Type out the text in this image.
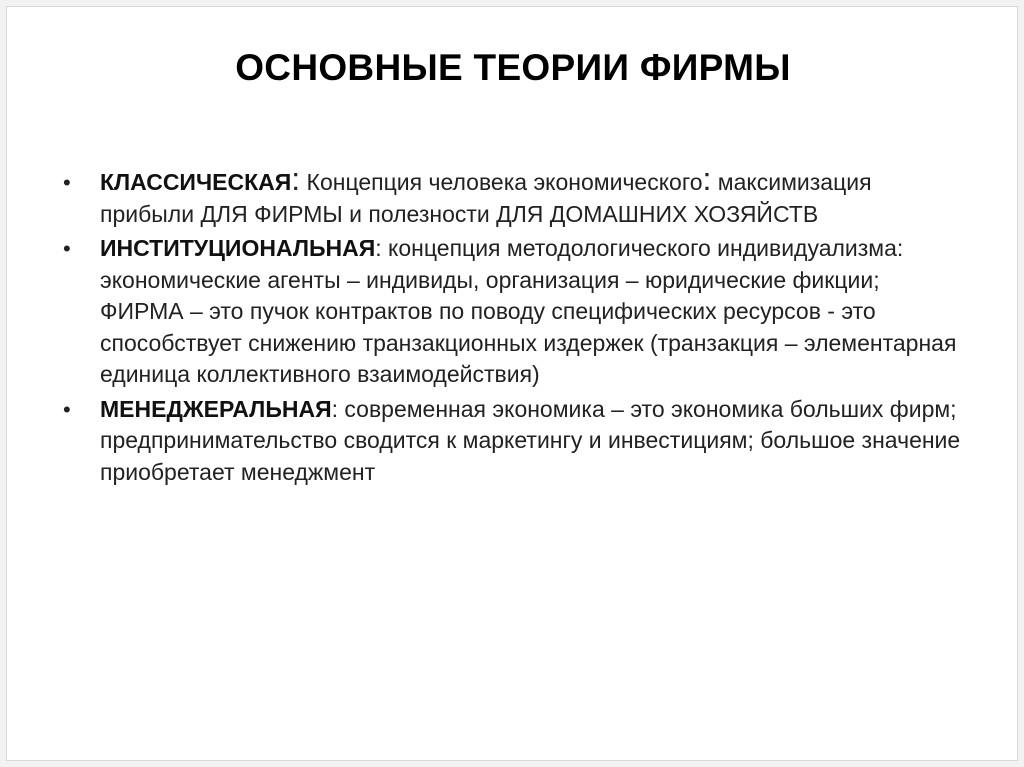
ОСНОВНЫЕ ТЕОРИИ ФИРМЫ
• КЛАССИЧЕСКАЯ: Концепция человека экономического: максимизация прибыли ДЛЯ ФИРМЫ и полезности ДЛЯ ДОМАШНИХ ХОЗЯЙСТВ
• ИНСТИТУЦИОНАЛЬНАЯ: концепция методологического индивидуализма: экономические агенты – индивиды, организация – юридические фикции; ФИРМА – это пучок контрактов по поводу специфических ресурсов - это способствует снижению транзакционных издержек (транзакция – элементарная единица коллективного взаимодействия)
• МЕНЕДЖЕРАЛЬНАЯ: современная экономика – это экономика больших фирм; предпринимательство сводится к маркетингу и инвестициям; большое значение приобретает менеджмент
